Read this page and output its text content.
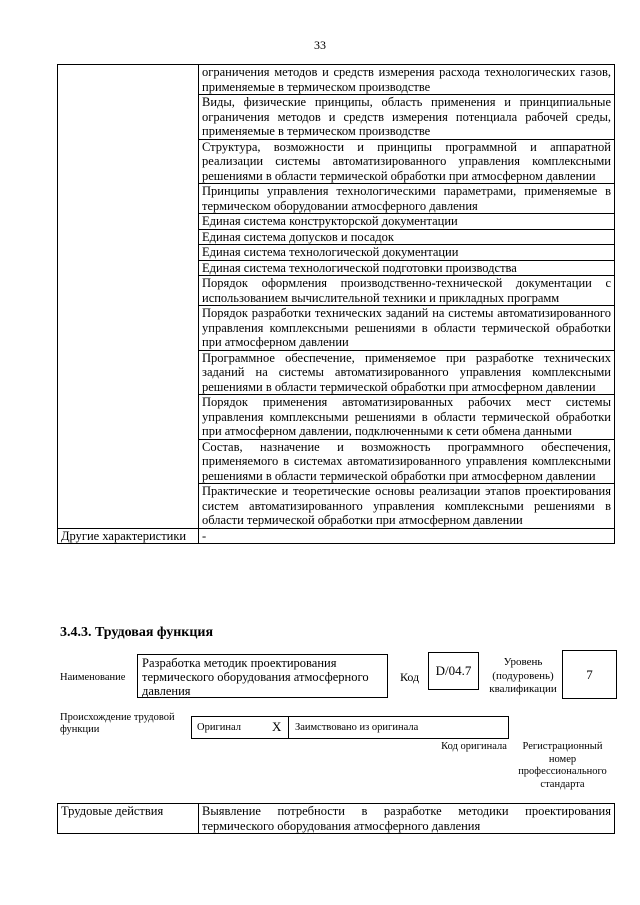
33
	ограничения методов и средств измерения расхода технологических газов, применяемые в термическом производстве
	Виды, физические принципы, область применения и принципиальные ограничения методов и средств измерения потенциала рабочей среды, применяемые в термическом производстве
	Структура, возможности и принципы программной и аппаратной реализации системы автоматизированного управления комплексными решениями в области термической обработки при атмосферном давлении
	Принципы управления технологическими параметрами, применяемые в термическом оборудовании атмосферного давления
	Единая система конструкторской документации
	Единая система допусков и посадок
	Единая система технологической документации
	Единая система технологической подготовки производства
	Порядок оформления производственно-технической документации с использованием вычислительной техники и прикладных программ
	Порядок разработки технических заданий на системы автоматизированного управления комплексными решениями в области термической обработки при атмосферном давлении
	Программное обеспечение, применяемое при разработке технических заданий на системы автоматизированного управления комплексными решениями в области термической обработки при атмосферном давлении
	Порядок применения автоматизированных рабочих мест системы управления комплексными решениями в области термической обработки при атмосферном давлении, подключенными к сети обмена данными
	Состав, назначение и возможность программного обеспечения, применяемого в системах автоматизированного управления комплексными решениями в области термической обработки при атмосферном давлении
	Практические и теоретические основы реализации этапов проектирования систем автоматизированного управления комплексными решениями в области термической обработки при атмосферном давлении
Другие характеристики	-
3.4.3. Трудовая функция
Наименование
Разработка методик проектирования термического оборудования атмосферного давления
Код	D/04.7
Уровень (подуровень) квалификации
7
Происхождение трудовой функции	Оригинал X Заимствовано из оригинала
Код оригинала	Регистрационный номер профессионального стандарта
Трудовые действия	Выявление потребности в разработке методики проектирования термического оборудования атмосферного давления
